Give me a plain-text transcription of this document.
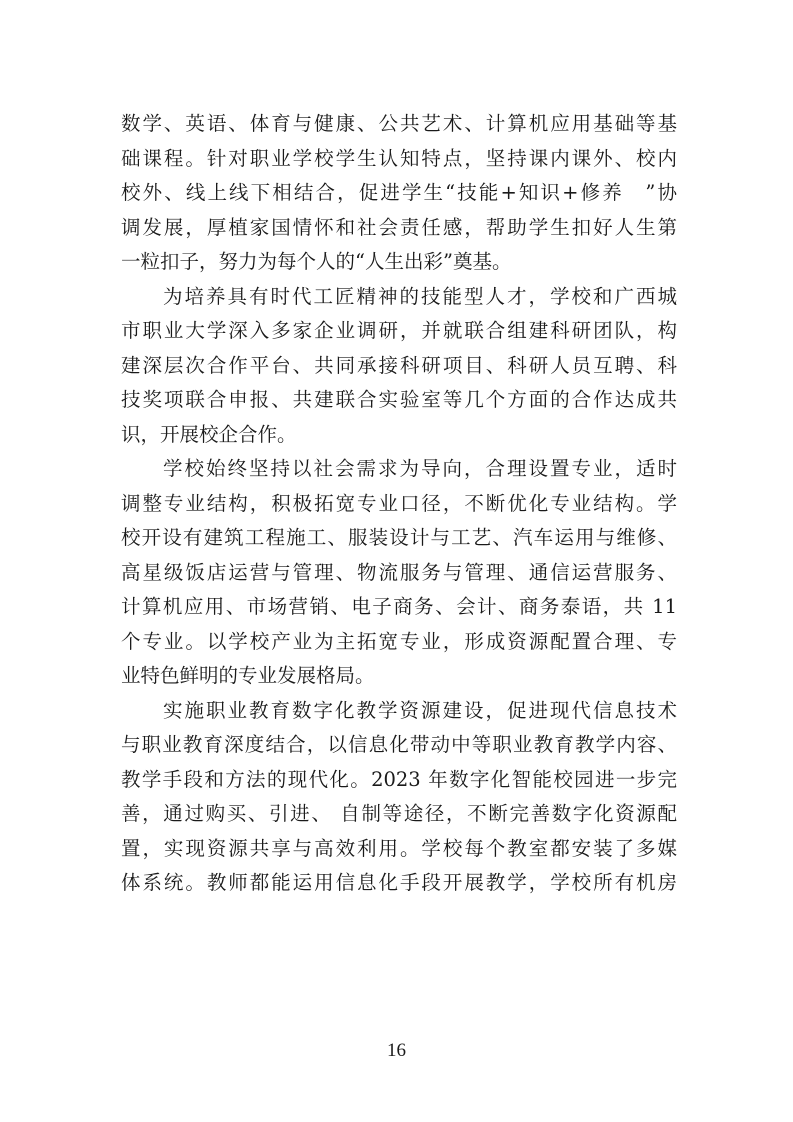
数学、英语、体育与健康、公共艺术、计算机应用基础等基
础课程。针对职业学校学生认知特点，坚持课内课外、校内
校外、线上线下相结合，促进学生“技能+知识+修养　”协
调发展，厚植家国情怀和社会责任感，帮助学生扣好人生第
一粒扣子，努力为每个人的“人生出彩”奠基。
为培养具有时代工匠精神的技能型人才，学校和广西城
市职业大学深入多家企业调研，并就联合组建科研团队，构
建深层次合作平台、共同承接科研项目、科研人员互聘、科
技奖项联合申报、共建联合实验室等几个方面的合作达成共
识，开展校企合作。
学校始终坚持以社会需求为导向，合理设置专业，适时
调整专业结构，积极拓宽专业口径，不断优化专业结构。学
校开设有建筑工程施工、服装设计与工艺、汽车运用与维修、
高星级饭店运营与管理、物流服务与管理、通信运营服务、
计算机应用、市场营销、电子商务、会计、商务泰语，共 11
个专业。以学校产业为主拓宽专业，形成资源配置合理、专
业特色鲜明的专业发展格局。
实施职业教育数字化教学资源建设，促进现代信息技术
与职业教育深度结合，以信息化带动中等职业教育教学内容、
教学手段和方法的现代化。2023 年数字化智能校园进一步完
善，通过购买、引进、 自制等途径，不断完善数字化资源配
置，实现资源共享与高效利用。学校每个教室都安装了多媒
体系统。教师都能运用信息化手段开展教学，学校所有机房
16
